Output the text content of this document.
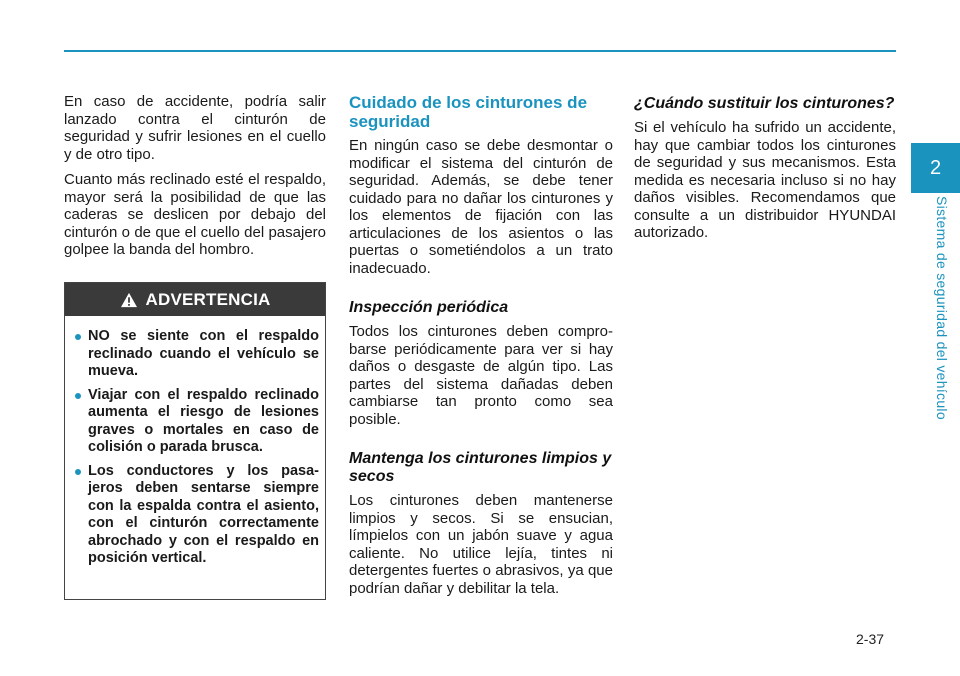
En caso de accidente, podría salir lanzado contra el cinturón de seguridad y sufrir lesiones en el cuello y de otro tipo.

Cuanto más reclinado esté el respaldo, mayor será la posibilidad de que las caderas se deslicen por debajo del cinturón o de que el cuello del pasajero golpee la banda del hombro.

ADVERTENCIA
NO se siente con el respaldo reclinado cuando el vehículo se mueva.
Viajar con el respaldo reclinado aumenta el riesgo de lesiones graves o mortales en caso de colisión o parada brusca.
Los conductores y los pasa- jeros deben sentarse siempre con la espalda contra el asiento, con el cinturón correctamente abrochado y con el respaldo en posición vertical.
Cuidado de los cinturones de seguridad

En ningún caso se debe desmontar o modificar el sistema del cinturón de seguridad. Además, se debe tener cuidado para no dañar los cinturones y los elementos de fijación con las articulaciones de los asientos o las puertas o sometiéndolos a un trato inadecuado.

Inspección periódica

Todos los cinturones deben compro- barse periódicamente para ver si hay daños o desgaste de algún tipo. Las partes del sistema dañadas deben cambiarse tan pronto como sea posible.

Mantenga los cinturones limpios y secos

Los cinturones deben mantenerse limpios y secos. Si se ensucian, límpielos con un jabón suave y agua caliente. No utilice lejía, tintes ni detergentes fuertes o abrasivos, ya que podrían dañar y debilitar la tela.

¿Cuándo sustituir los cinturones?

Si el vehículo ha sufrido un accidente, hay que cambiar todos los cinturones de seguridad y sus mecanismos. Esta medida es necesaria incluso si no hay daños visibles. Recomendamos que consulte a un distribuidor HYUNDAI autorizado.

2
Sistema de seguridad del vehículo
2-37
